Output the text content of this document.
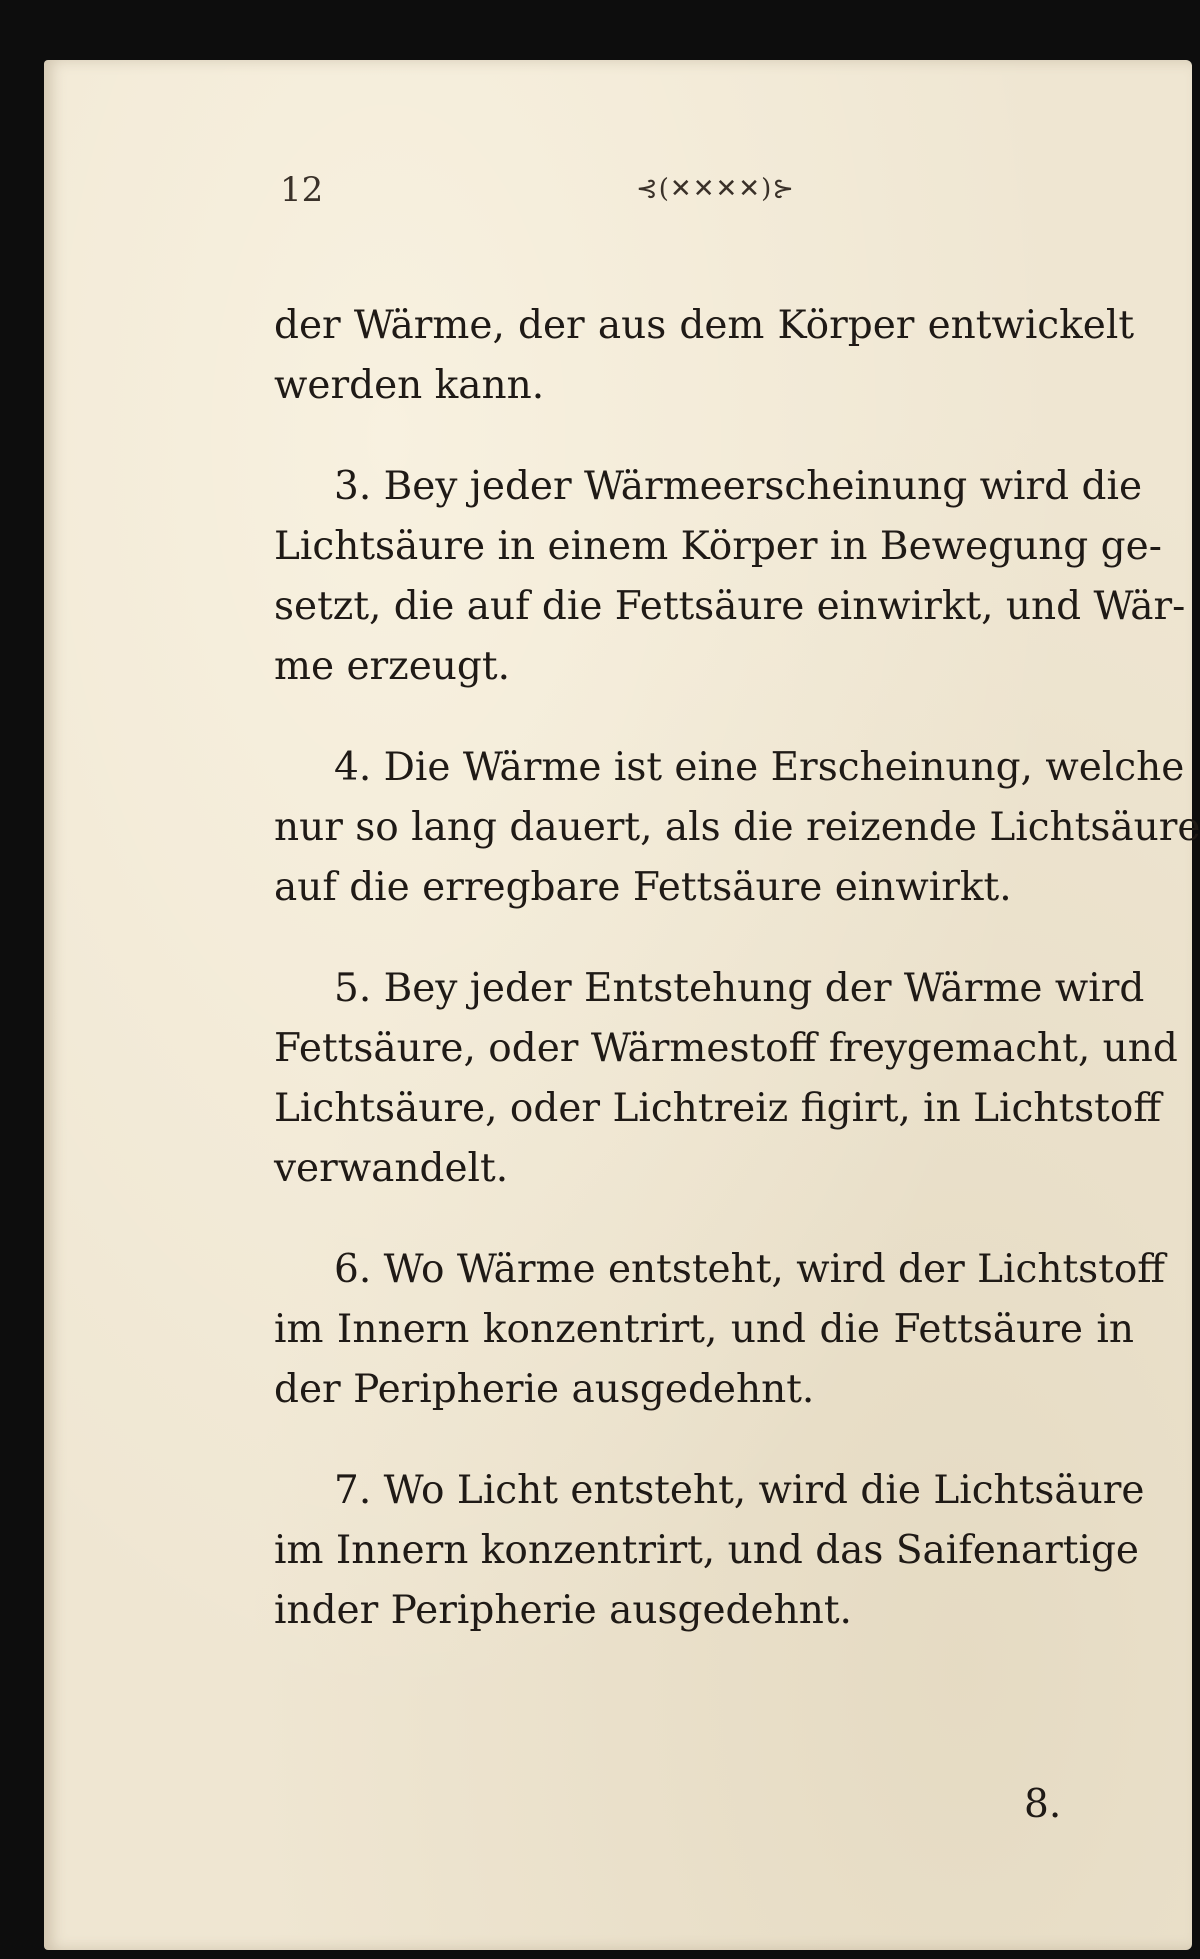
12	⊰(✕✕✕✕)⊱

der Wärme, der aus dem Körper entwickelt
werden kann.

3. Bey jeder Wärmeerscheinung wird die
Lichtsäure in einem Körper in Bewegung ge-
setzt, die auf die Fettsäure einwirkt, und Wär-
me erzeugt.

4. Die Wärme ist eine Erscheinung, welche
nur so lang dauert, als die reizende Lichtsäure
auf die erregbare Fettsäure einwirkt.

5. Bey jeder Entstehung der Wärme wird
Fettsäure, oder Wärmestoff freygemacht, und
Lichtsäure, oder Lichtreiz figirt, in Lichtstoff
verwandelt.

6. Wo Wärme entsteht, wird der Lichtstoff
im Innern konzentrirt, und die Fettsäure in
der Peripherie ausgedehnt.

7. Wo Licht entsteht, wird die Lichtsäure
im Innern konzentrirt, und das Saifenartige
inder Peripherie ausgedehnt.

8.
